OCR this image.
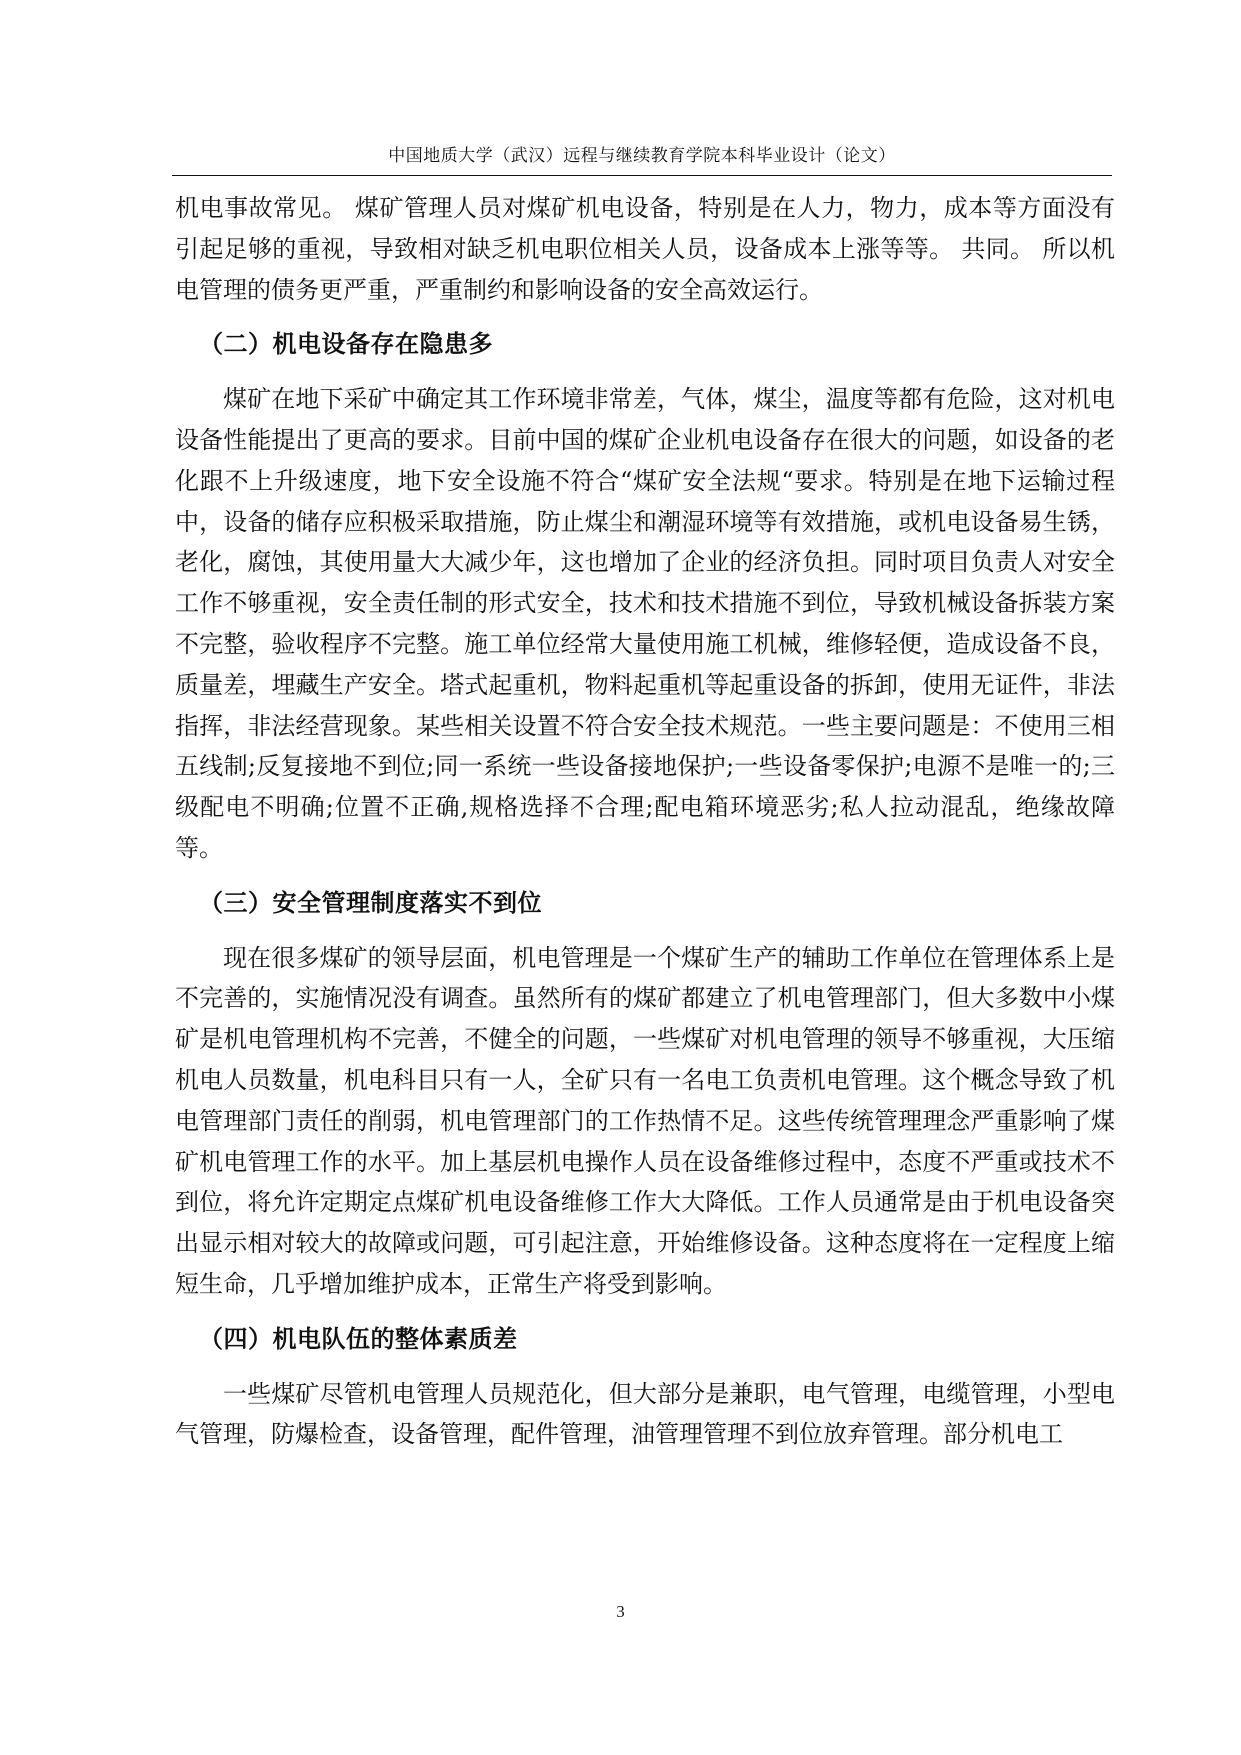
中国地质大学（武汉）远程与继续教育学院本科毕业设计（论文）

机电事故常见。 煤矿管理人员对煤矿机电设备，特别是在人力，物力，成本等方面没有引起足够的重视，导致相对缺乏机电职位相关人员，设备成本上涨等等。 共同。 所以机电管理的债务更严重，严重制约和影响设备的安全高效运行。

（二）机电设备存在隐患多

煤矿在地下采矿中确定其工作环境非常差，气体，煤尘，温度等都有危险，这对机电设备性能提出了更高的要求。目前中国的煤矿企业机电设备存在很大的问题，如设备的老化跟不上升级速度，地下安全设施不符合“煤矿安全法规“要求。特别是在地下运输过程中，设备的储存应积极采取措施，防止煤尘和潮湿环境等有效措施，或机电设备易生锈，老化，腐蚀，其使用量大大减少年，这也增加了企业的经济负担。同时项目负责人对安全工作不够重视，安全责任制的形式安全，技术和技术措施不到位，导致机械设备拆装方案不完整，验收程序不完整。施工单位经常大量使用施工机械，维修轻便，造成设备不良，质量差，埋藏生产安全。塔式起重机，物料起重机等起重设备的拆卸，使用无证件，非法指挥，非法经营现象。某些相关设置不符合安全技术规范。一些主要问题是：不使用三相五线制;反复接地不到位;同一系统一些设备接地保护;一些设备零保护;电源不是唯一的;三级配电不明确;位置不正确,规格选择不合理;配电箱环境恶劣;私人拉动混乱，绝缘故障等。

（三）安全管理制度落实不到位

现在很多煤矿的领导层面，机电管理是一个煤矿生产的辅助工作单位在管理体系上是不完善的，实施情况没有调查。虽然所有的煤矿都建立了机电管理部门，但大多数中小煤矿是机电管理机构不完善，不健全的问题，一些煤矿对机电管理的领导不够重视，大压缩机电人员数量，机电科目只有一人，全矿只有一名电工负责机电管理。这个概念导致了机电管理部门责任的削弱，机电管理部门的工作热情不足。这些传统管理理念严重影响了煤矿机电管理工作的水平。加上基层机电操作人员在设备维修过程中，态度不严重或技术不到位，将允许定期定点煤矿机电设备维修工作大大降低。工作人员通常是由于机电设备突出显示相对较大的故障或问题，可引起注意，开始维修设备。这种态度将在一定程度上缩短生命，几乎增加维护成本，正常生产将受到影响。

（四）机电队伍的整体素质差

一些煤矿尽管机电管理人员规范化，但大部分是兼职，电气管理，电缆管理，小型电气管理，防爆检查，设备管理，配件管理，油管理管理不到位放弃管理。部分机电工

3
